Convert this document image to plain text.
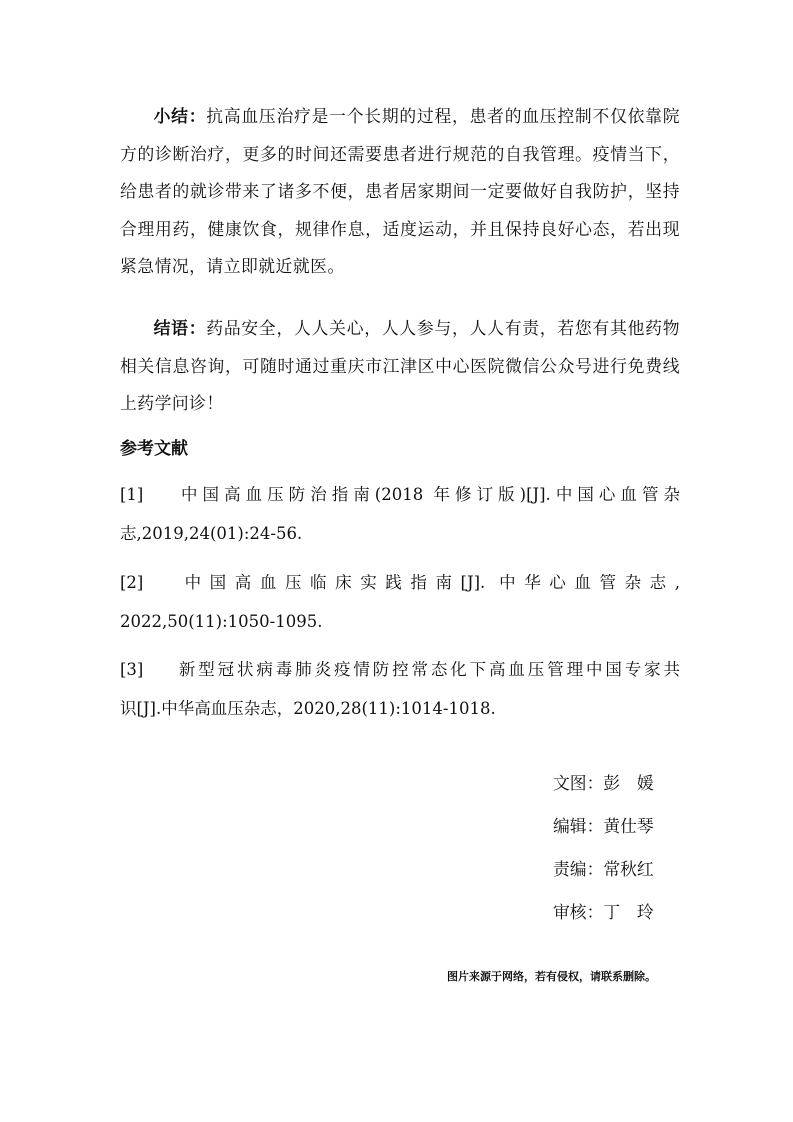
小结：抗高血压治疗是一个长期的过程，患者的血压控制不仅依靠院方的诊断治疗，更多的时间还需要患者进行规范的自我管理。疫情当下，给患者的就诊带来了诸多不便，患者居家期间一定要做好自我防护，坚持合理用药，健康饮食，规律作息，适度运动，并且保持良好心态，若出现紧急情况，请立即就近就医。

结语：药品安全，人人关心，人人参与，人人有责，若您有其他药物相关信息咨询，可随时通过重庆市江津区中心医院微信公众号进行免费线上药学问诊！

参考文献
[1] 中国高血压防治指南(2018 年修订版)[J].中国心血管杂
志,2019,24(01):24-56.
[2] 中国高血压临床实践指南[J]. 中华心血管杂志,
2022,50(11):1050-1095.
[3] 新型冠状病毒肺炎疫情防控常态化下高血压管理中国专家共
识[J].中华高血压杂志，2020,28(11):1014-1018.
文图：彭　媛
编辑：黄仕琴
责编：常秋红
审核：丁　玲
图片来源于网络，若有侵权，请联系删除。
